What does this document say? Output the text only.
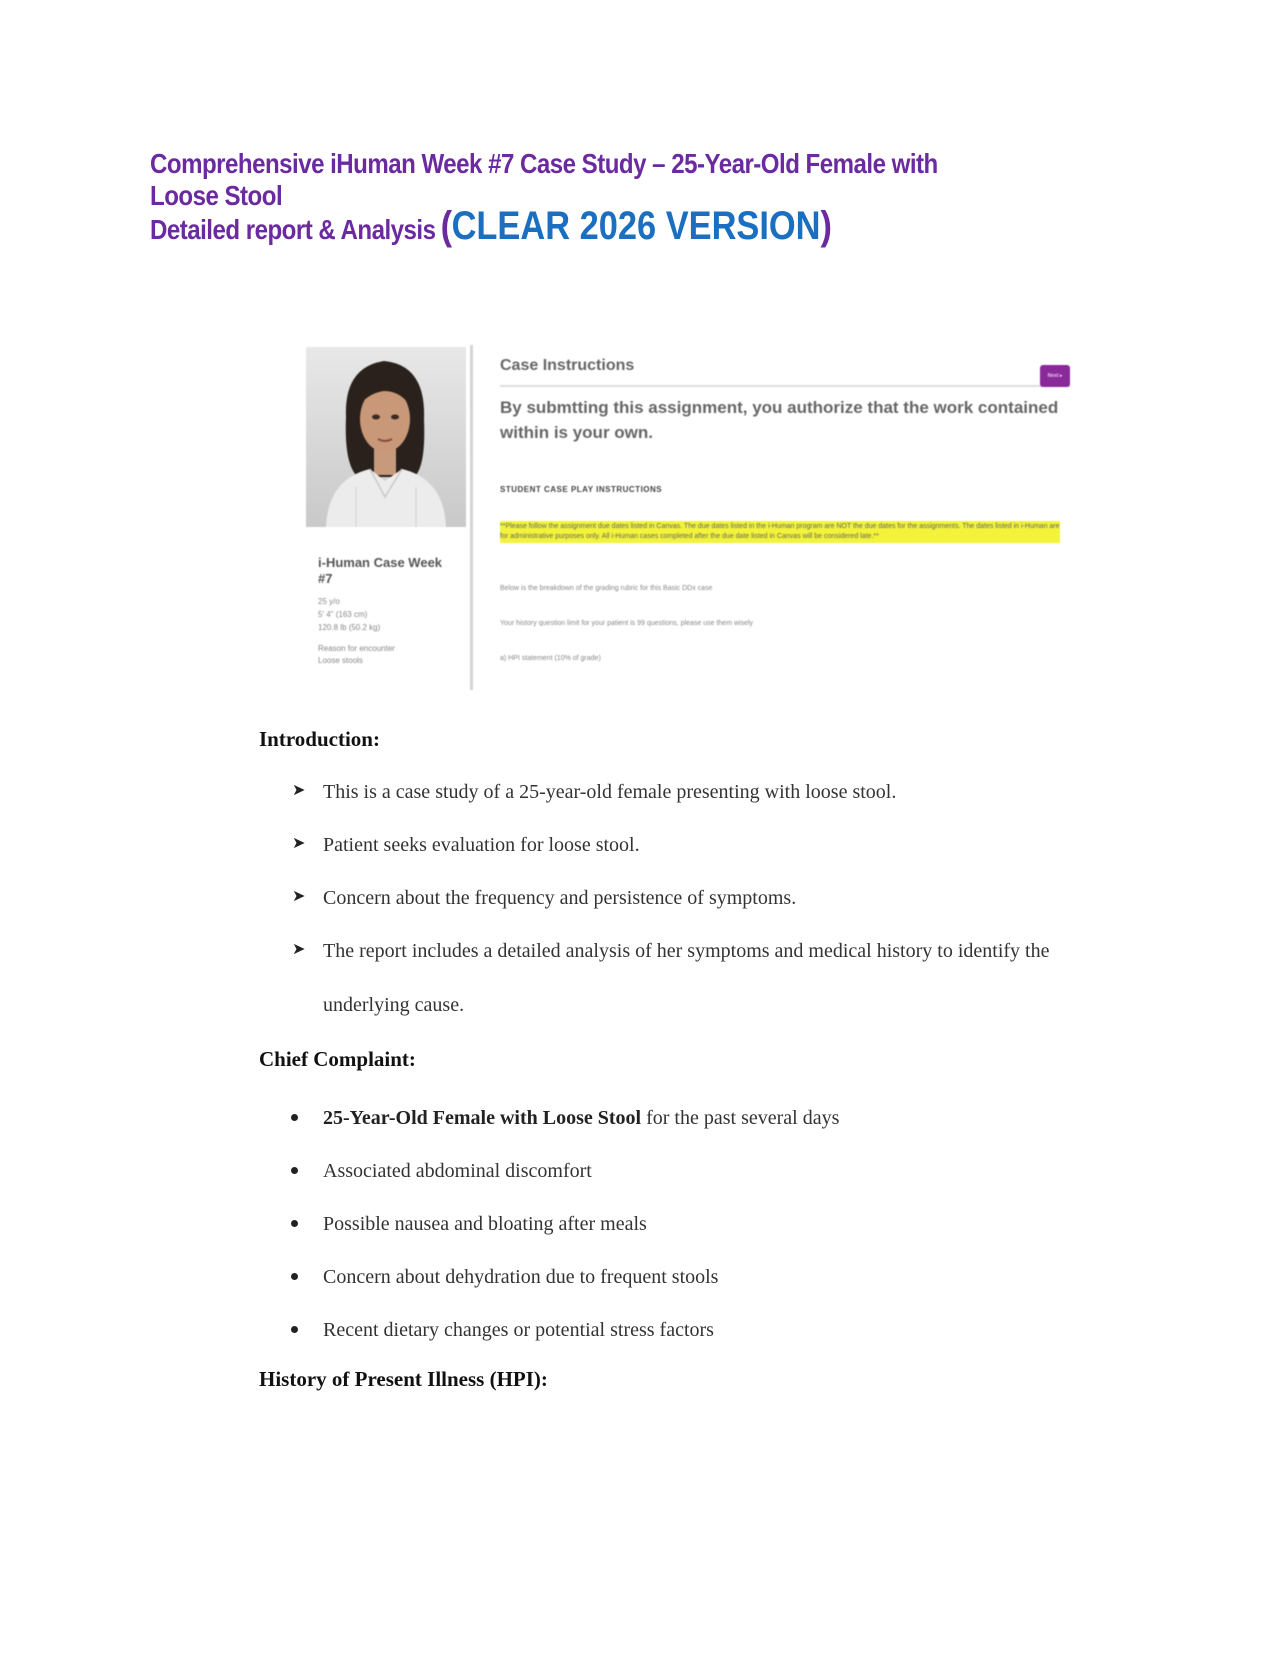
Comprehensive iHuman Week #7 Case Study – 25-Year-Old Female with Loose Stool
Detailed report & Analysis (CLEAR 2026 VERSION)
i-Human Case Week #7
25 y/o
5' 4" (163 cm)
120.8 lb (50.2 kg)
Reason for encounter
Loose stools
Case Instructions
Next ▸
By submtting this assignment, you authorize that the work contained within is your own.
STUDENT CASE PLAY INSTRUCTIONS
**Please follow the assignment due dates listed in Canvas. The due dates listed in the i-Human program are NOT the due dates for the assignments. The dates listed in i-Human are for administrative purposes only. All i-Human cases completed after the due date listed in Canvas will be considered late.**
Below is the breakdown of the grading rubric for this Basic DDx case
Your history question limit for your patient is 99 questions, please use them wisely
a) HPI statement (10% of grade)
Introduction:
➤ This is a case study of a 25-year-old female presenting with loose stool.
➤ Patient seeks evaluation for loose stool.
➤ Concern about the frequency and persistence of symptoms.
➤ The report includes a detailed analysis of her symptoms and medical history to identify the underlying cause.
Chief Complaint:
25-Year-Old Female with Loose Stool for the past several days
Associated abdominal discomfort
Possible nausea and bloating after meals
Concern about dehydration due to frequent stools
Recent dietary changes or potential stress factors
History of Present Illness (HPI):
